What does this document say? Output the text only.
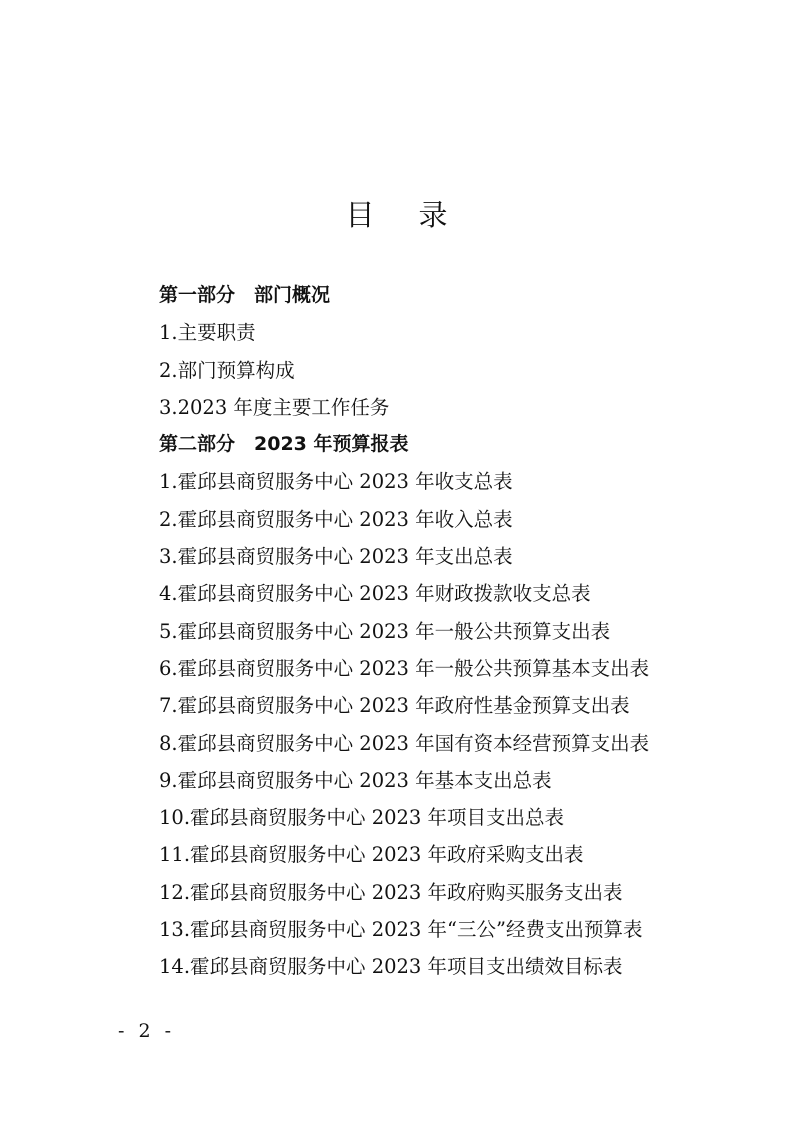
目录
第一部分　部门概况
1.主要职责
2.部门预算构成
3.2023 年度主要工作任务
第二部分　2023 年预算报表
1.霍邱县商贸服务中心 2023 年收支总表
2.霍邱县商贸服务中心 2023 年收入总表
3.霍邱县商贸服务中心 2023 年支出总表
4.霍邱县商贸服务中心 2023 年财政拨款收支总表
5.霍邱县商贸服务中心 2023 年一般公共预算支出表
6.霍邱县商贸服务中心 2023 年一般公共预算基本支出表
7.霍邱县商贸服务中心 2023 年政府性基金预算支出表
8.霍邱县商贸服务中心 2023 年国有资本经营预算支出表
9.霍邱县商贸服务中心 2023 年基本支出总表
10.霍邱县商贸服务中心 2023 年项目支出总表
11.霍邱县商贸服务中心 2023 年政府采购支出表
12.霍邱县商贸服务中心 2023 年政府购买服务支出表
13.霍邱县商贸服务中心 2023 年“三公”经费支出预算表
14.霍邱县商贸服务中心 2023 年项目支出绩效目标表
- 2 -
